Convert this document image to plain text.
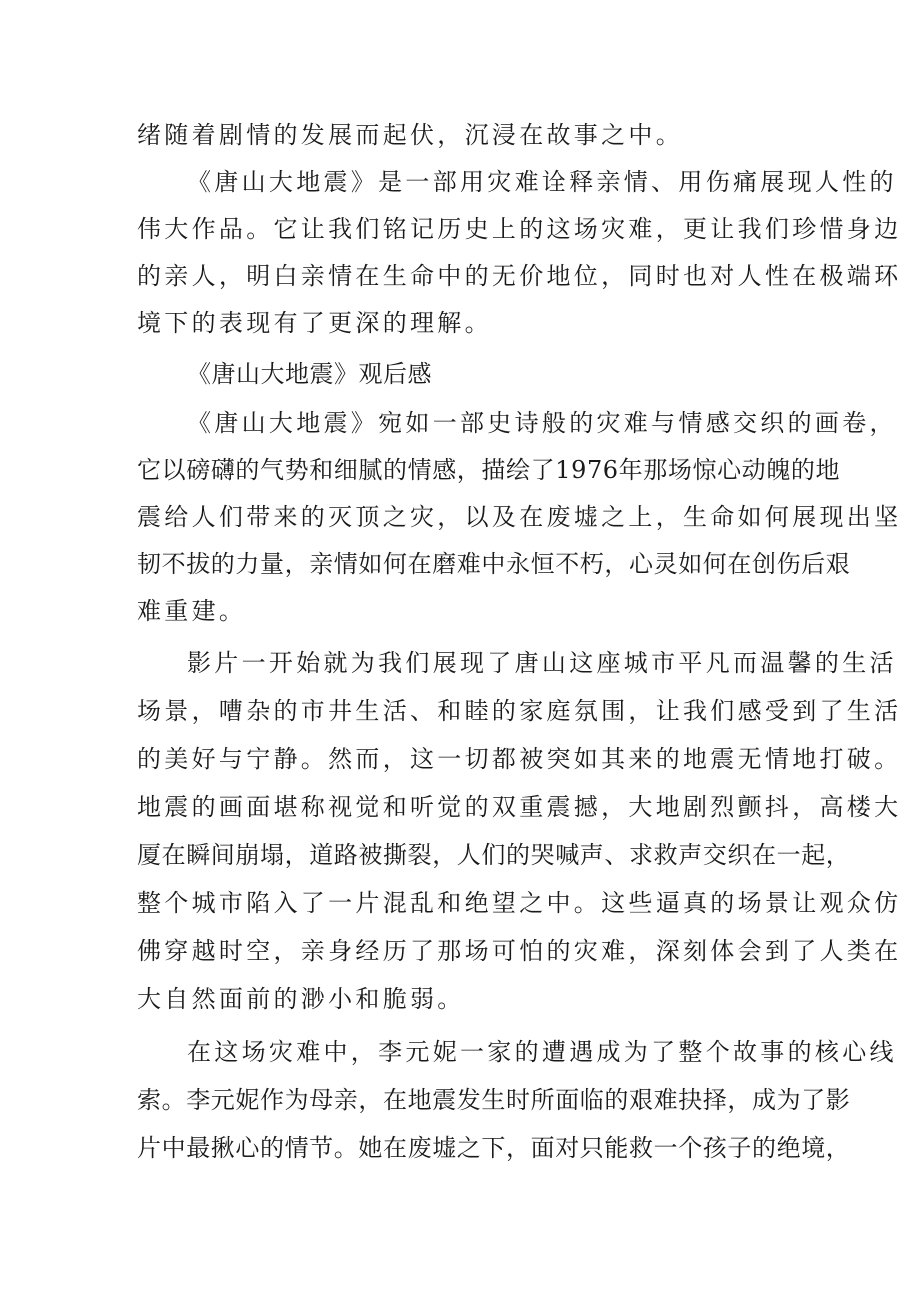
绪随着剧情的发展而起伏，沉浸在故事之中。
《唐山大地震》是一部用灾难诠释亲情、用伤痛展现人性的
伟大作品。它让我们铭记历史上的这场灾难，更让我们珍惜身边
的亲人，明白亲情在生命中的无价地位，同时也对人性在极端环
境下的表现有了更深的理解。
《唐山大地震》观后感
《唐山大地震》宛如一部史诗般的灾难与情感交织的画卷，
它以磅礴的气势和细腻的情感，描绘了1976年那场惊心动魄的地
震给人们带来的灭顶之灾，以及在废墟之上，生命如何展现出坚
韧不拔的力量，亲情如何在磨难中永恒不朽，心灵如何在创伤后艰
难重建。
影片一开始就为我们展现了唐山这座城市平凡而温馨的生活
场景，嘈杂的市井生活、和睦的家庭氛围，让我们感受到了生活
的美好与宁静。然而，这一切都被突如其来的地震无情地打破。
地震的画面堪称视觉和听觉的双重震撼，大地剧烈颤抖，高楼大
厦在瞬间崩塌，道路被撕裂，人们的哭喊声、求救声交织在一起，
整个城市陷入了一片混乱和绝望之中。这些逼真的场景让观众仿
佛穿越时空，亲身经历了那场可怕的灾难，深刻体会到了人类在
大自然面前的渺小和脆弱。
在这场灾难中，李元妮一家的遭遇成为了整个故事的核心线
索。李元妮作为母亲，在地震发生时所面临的艰难抉择，成为了影
片中最揪心的情节。她在废墟之下，面对只能救一个孩子的绝境，
